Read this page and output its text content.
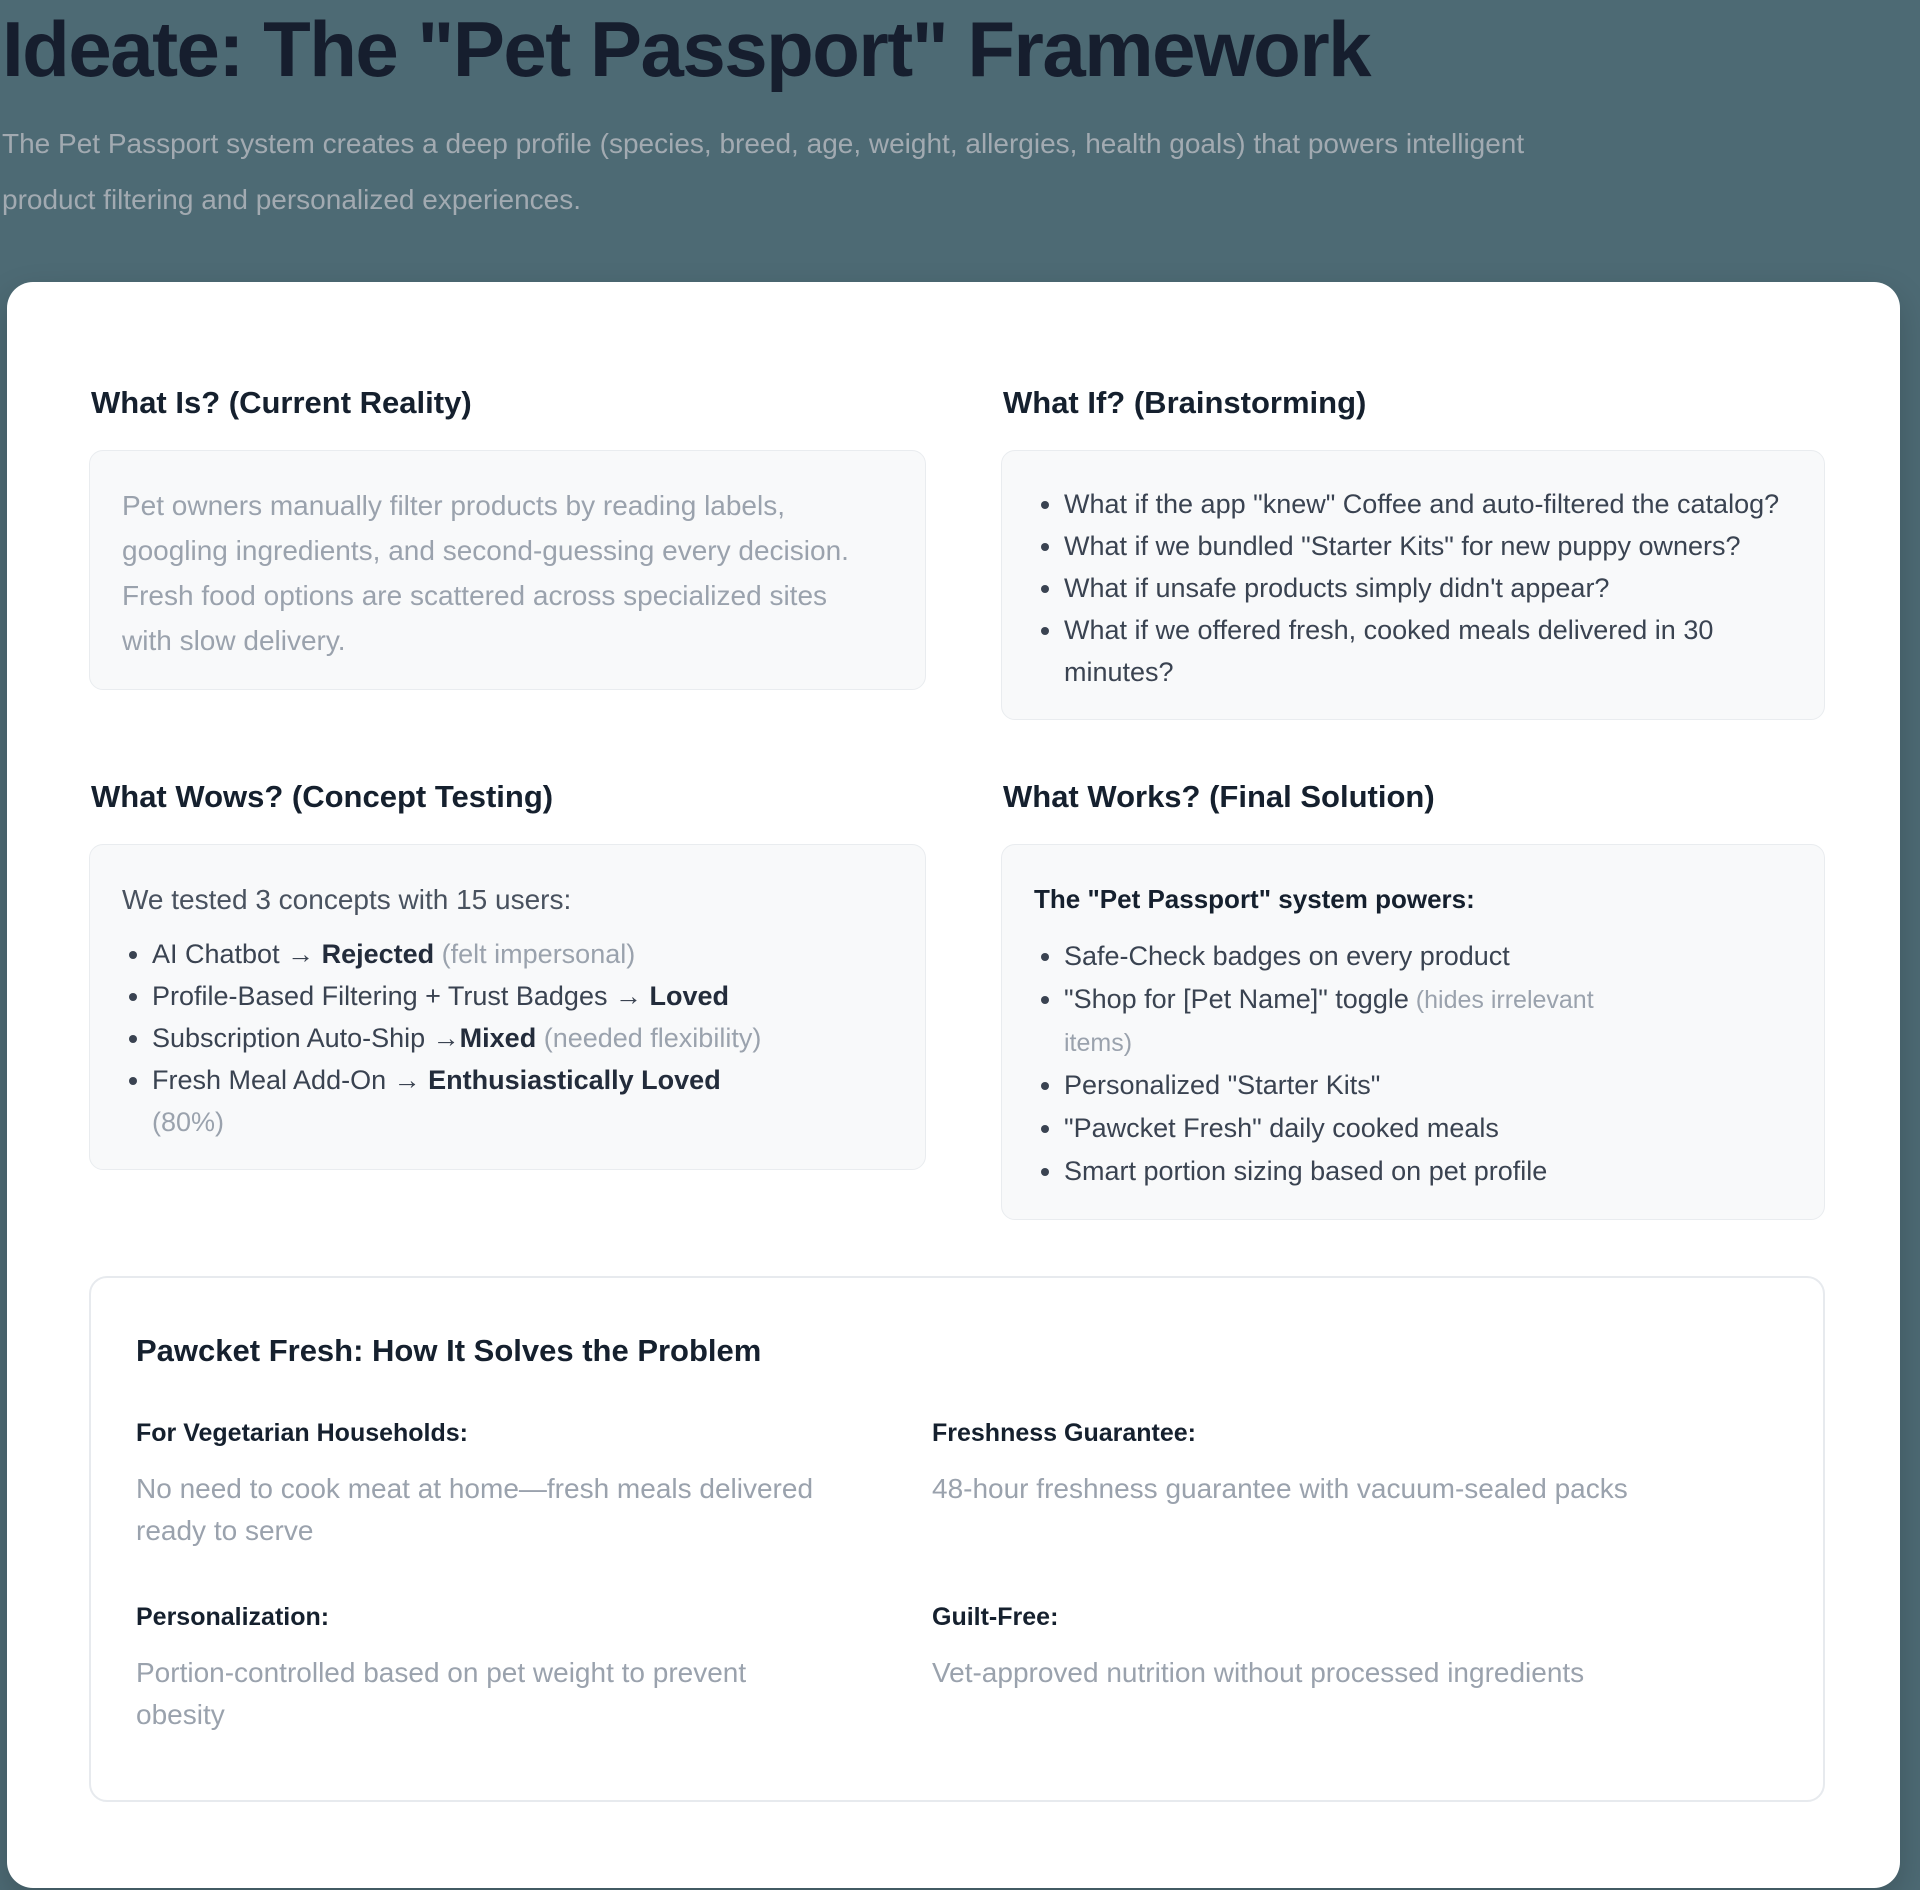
Ideate: The "Pet Passport" Framework

The Pet Passport system creates a deep profile (species, breed, age, weight, allergies, health goals) that powers intelligent product filtering and personalized experiences.

What Is? (Current Reality)

Pet owners manually filter products by reading labels, googling ingredients, and second-guessing every decision. Fresh food options are scattered across specialized sites with slow delivery.

What If? (Brainstorming)
• What if the app "knew" Coffee and auto-filtered the catalog?
• What if we bundled "Starter Kits" for new puppy owners?
• What if unsafe products simply didn't appear?
• What if we offered fresh, cooked meals delivered in 30 minutes?
What Wows? (Concept Testing)

We tested 3 concepts with 15 users:

• AI Chatbot → Rejected (felt impersonal)
• Profile-Based Filtering + Trust Badges → Loved
• Subscription Auto-Ship →Mixed (needed flexibility)
• Fresh Meal Add-On → Enthusiastically Loved (80%)
What Works? (Final Solution)

The "Pet Passport" system powers:

• Safe-Check badges on every product
• "Shop for [Pet Name]" toggle (hides irrelevant items)
• Personalized "Starter Kits"
• "Pawcket Fresh" daily cooked meals
• Smart portion sizing based on pet profile
Pawcket Fresh: How It Solves the Problem
For Vegetarian Households:

No need to cook meat at home—fresh meals delivered ready to serve

Freshness Guarantee:

48-hour freshness guarantee with vacuum-sealed packs

Personalization:

Portion-controlled based on pet weight to prevent obesity

Guilt-Free:

Vet-approved nutrition without processed ingredients
